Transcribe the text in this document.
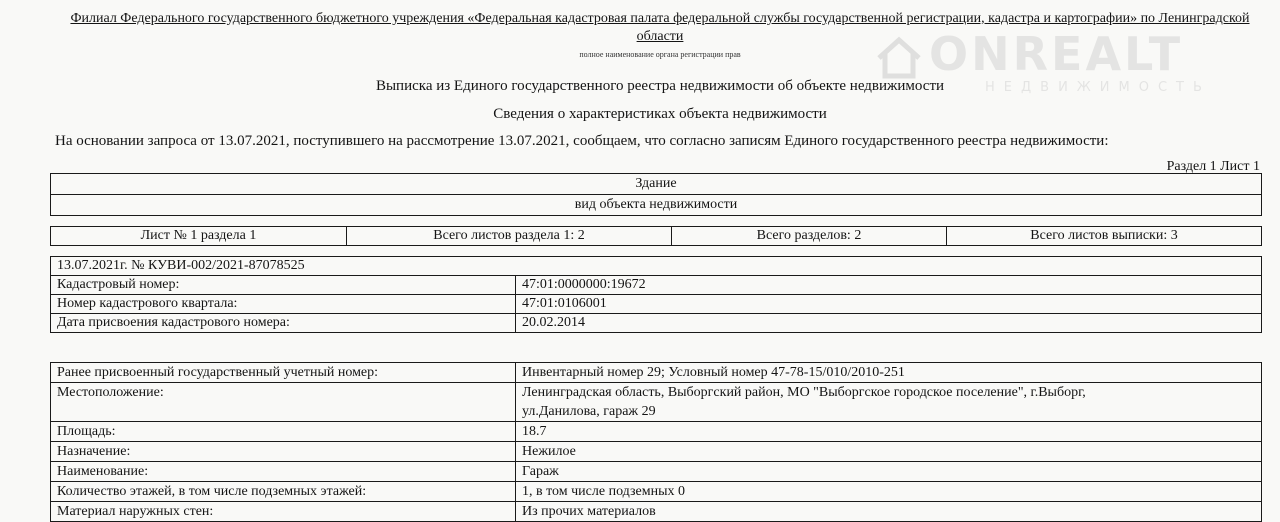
ONREALT
НЕДВИЖИМОСТЬ
Филиал Федерального государственного бюджетного учреждения «Федеральная кадастровая палата федеральной службы государственной регистрации, кадастра и картографии» по Ленинградской области
полное наименование органа регистрации прав
Выписка из Единого государственного реестра недвижимости об объекте недвижимости
Сведения о характеристиках объекта недвижимости
На основании запроса от 13.07.2021, поступившего на рассмотрение 13.07.2021, сообщаем, что согласно записям Единого государственного реестра недвижимости:
Раздел 1 Лист 1
Здание
вид объекта недвижимости
Лист № 1 раздела 1	Всего листов раздела 1: 2	Всего разделов: 2	Всего листов выписки: 3
13.07.2021г. № КУВИ-002/2021-87078525	
Кадастровый номер:	47:01:0000000:19672
Номер кадастрового квартала:	47:01:0106001
Дата присвоения кадастрового номера:	20.02.2014
Ранее присвоенный государственный учетный номер:	Инвентарный номер 29; Условный номер 47-78-15/010/2010-251
Местоположение:	Ленинградская область, Выборгский район, МО "Выборгское городское поселение", г.Выборг,
ул.Данилова, гараж 29

Площадь:	18.7
Назначение:	Нежилое
Наименование:	Гараж
Количество этажей, в том числе подземных этажей:	1, в том числе подземных 0
Материал наружных стен:	Из прочих материалов
